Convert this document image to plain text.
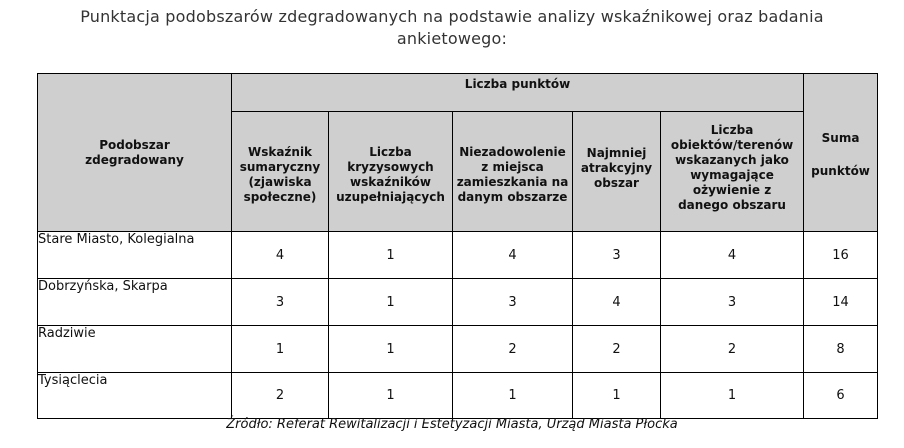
Punktacja podobszarów zdegradowanych na podstawie analizy wskaźnikowej oraz badania
ankietowego:
Podobszar zdegradowany	Liczba punktów					Suma
punktów

	Wskaźnik sumaryczny (zjawiska społeczne)	Liczba kryzysowych wskaźników uzupełniających	Niezadowolenie z miejsca zamieszkania na danym obszarze	Najmniej atrakcyjny obszar	Liczba obiektów/terenów wskazanych jako wymagające ożywienie z danego obszaru	
Stare Miasto, Kolegialna	4	1	4	3	4	16
Dobrzyńska, Skarpa	3	1	3	4	3	14
Radziwie	1	1	2	2	2	8
Tysiąclecia	2	1	1	1	1	6
Źródło: Referat Rewitalizacji i Estetyzacji Miasta, Urząd Miasta Płocka
